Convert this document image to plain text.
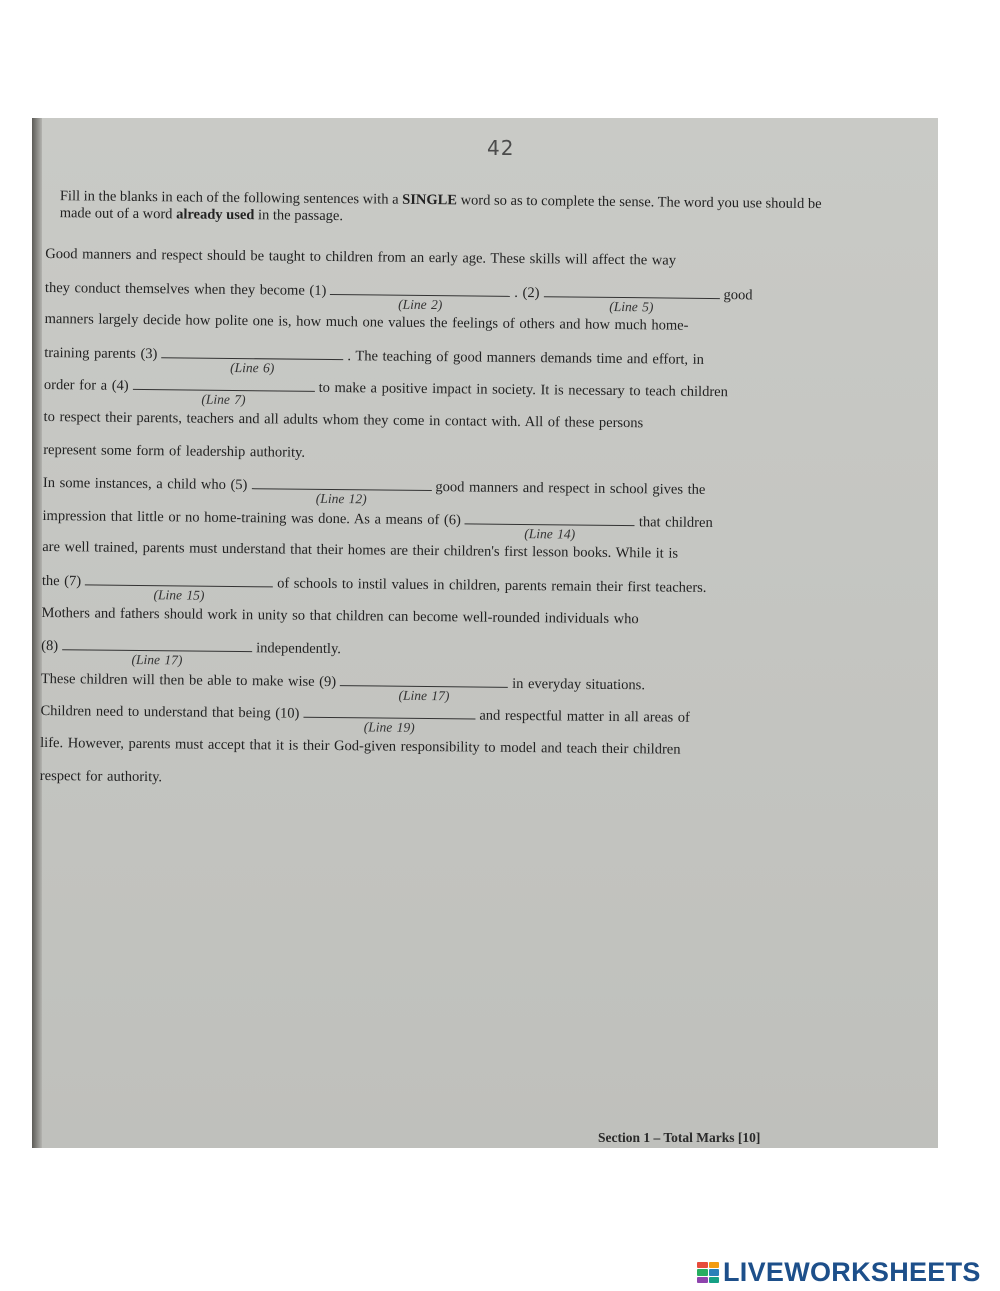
42
Fill in the blanks in each of the following sentences with a SINGLE word so as to complete the sense. The word you use should be made out of a word already used in the passage.
Good manners and respect should be taught to children from an early age. These skills will affect the way
they conduct themselves when they become (1)
(Line 2)
. (2)
(Line 5)
good
manners largely decide how polite one is, how much one values the feelings of others and how much home-
training parents (3)
(Line 6)	. The teaching of good manners demands time and effort, in
order for a (4)
(Line 7)	to make a positive impact in society. It is necessary to teach children
to respect their parents, teachers and all adults whom they come in contact with. All of these persons
represent some form of leadership authority.
In some instances, a child who (5)
(Line 12)
good manners and respect in school gives the
impression that little or no home-training was done. As a means of (6)
(Line 14)
that children
are well trained, parents must understand that their homes are their children's first lesson books. While it is
the (7)
(Line 15)	of schools to instil values in children, parents remain their first teachers.
Mothers and fathers should work in unity so that children can become well-rounded individuals who
(8)
(Line 17)
independently.
These children will then be able to make wise (9)
(Line 17)
in everyday situations.
Children need to understand that being (10)
(Line 19)
and respectful matter in all areas of
life. However, parents must accept that it is their God-given responsibility to model and teach their children
respect for authority.
Section 1 – Total Marks [10]
LIVEWORKSHEETS
